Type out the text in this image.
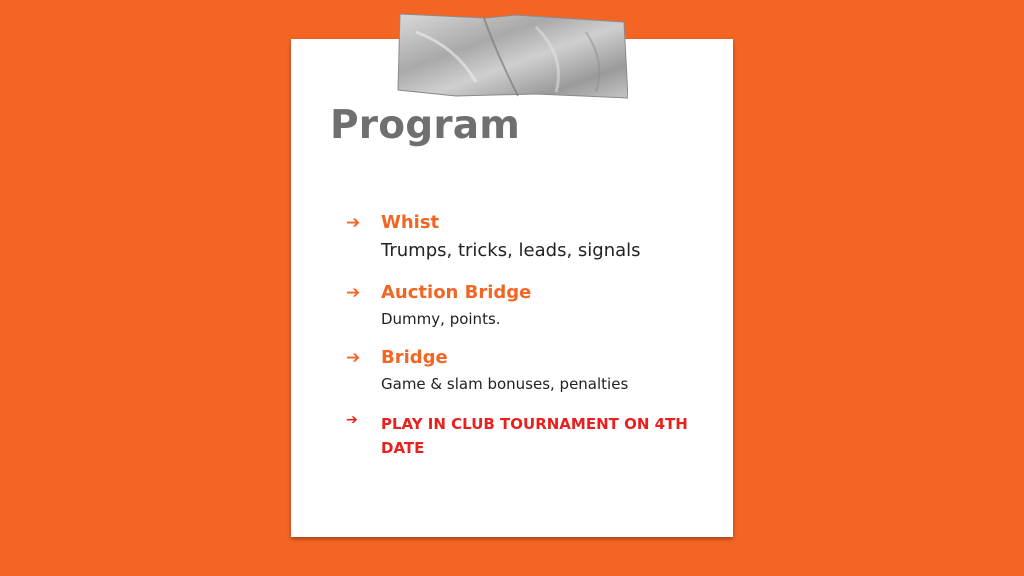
Program
➔ Whist
Trumps, tricks, leads, signals
➔ Auction Bridge
Dummy, points.
➔ Bridge
Game & slam bonuses, penalties
➔ PLAY IN CLUB TOURNAMENT ON 4TH DATE
